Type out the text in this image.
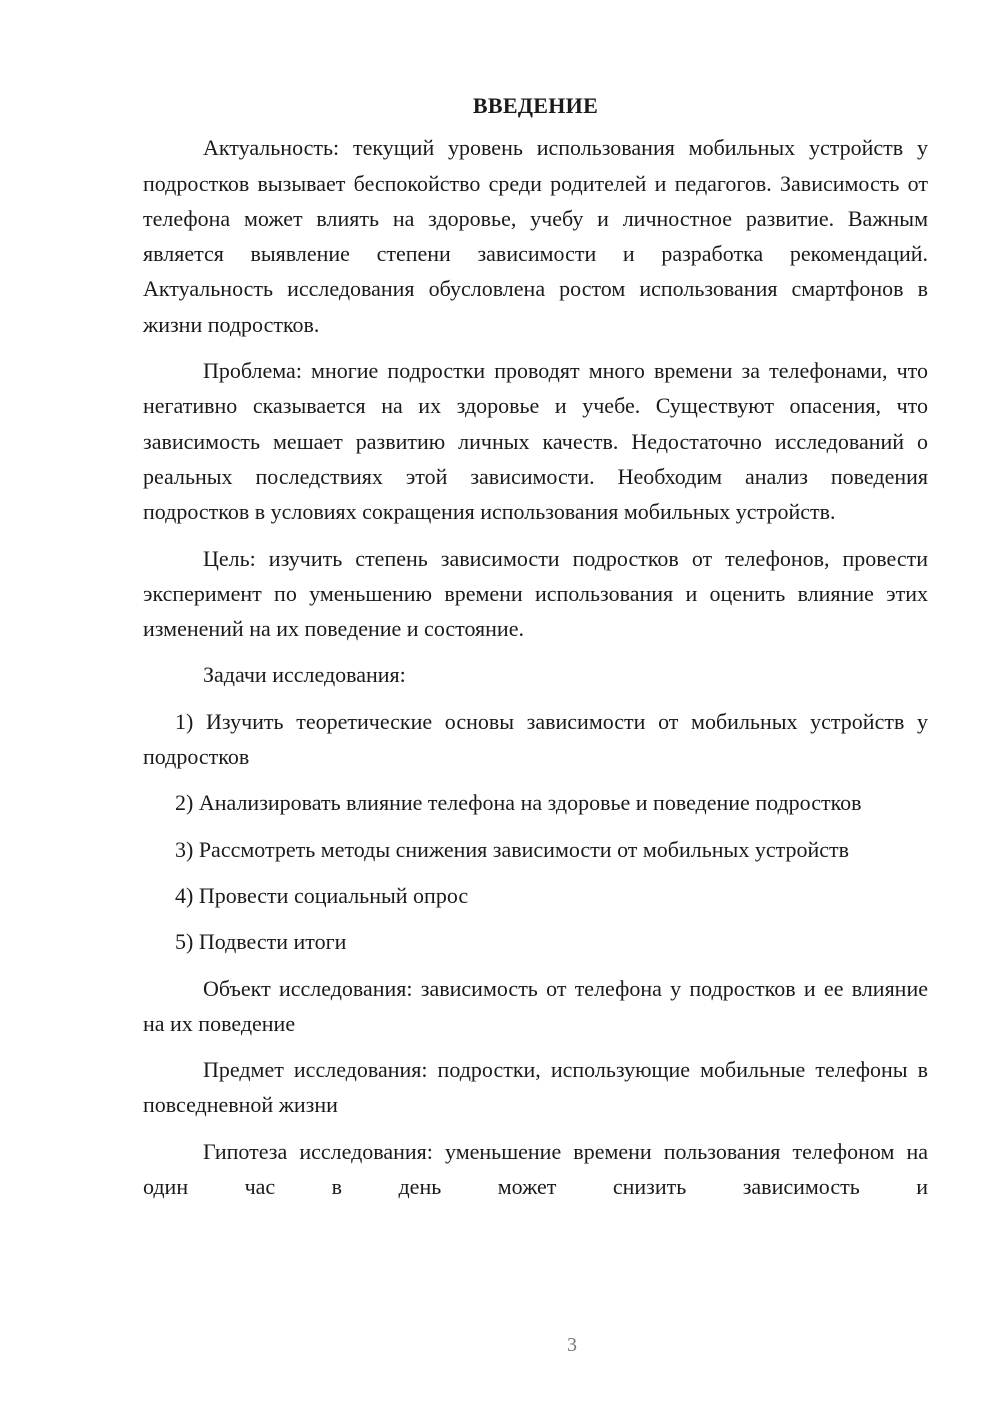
ВВЕДЕНИЕ

Актуальность: текущий уровень использования мобильных устройств у подростков вызывает беспокойство среди родителей и педагогов. Зависимость от телефона может влиять на здоровье, учебу и личностное развитие. Важным является выявление степени зависимости и разработка рекомендаций. Актуальность исследования обусловлена ростом использования смартфонов в жизни подростков.

Проблема: многие подростки проводят много времени за телефонами, что негативно сказывается на их здоровье и учебе. Существуют опасения, что зависимость мешает развитию личных качеств. Недостаточно исследований о реальных последствиях этой зависимости. Необходим анализ поведения подростков в условиях сокращения использования мобильных устройств.

Цель: изучить степень зависимости подростков от телефонов, провести эксперимент по уменьшению времени использования и оценить влияние этих изменений на их поведение и состояние.

Задачи исследования:

1) Изучить теоретические основы зависимости от мобильных устройств у подростков

2) Анализировать влияние телефона на здоровье и поведение подростков

3) Рассмотреть методы снижения зависимости от мобильных устройств

4) Провести социальный опрос

5) Подвести итоги

Объект исследования: зависимость от телефона у подростков и ее влияние на их поведение

Предмет исследования: подростки, использующие мобильные телефоны в повседневной жизни

Гипотеза исследования: уменьшение времени пользования телефоном на один час в день может снизить зависимость и

3
